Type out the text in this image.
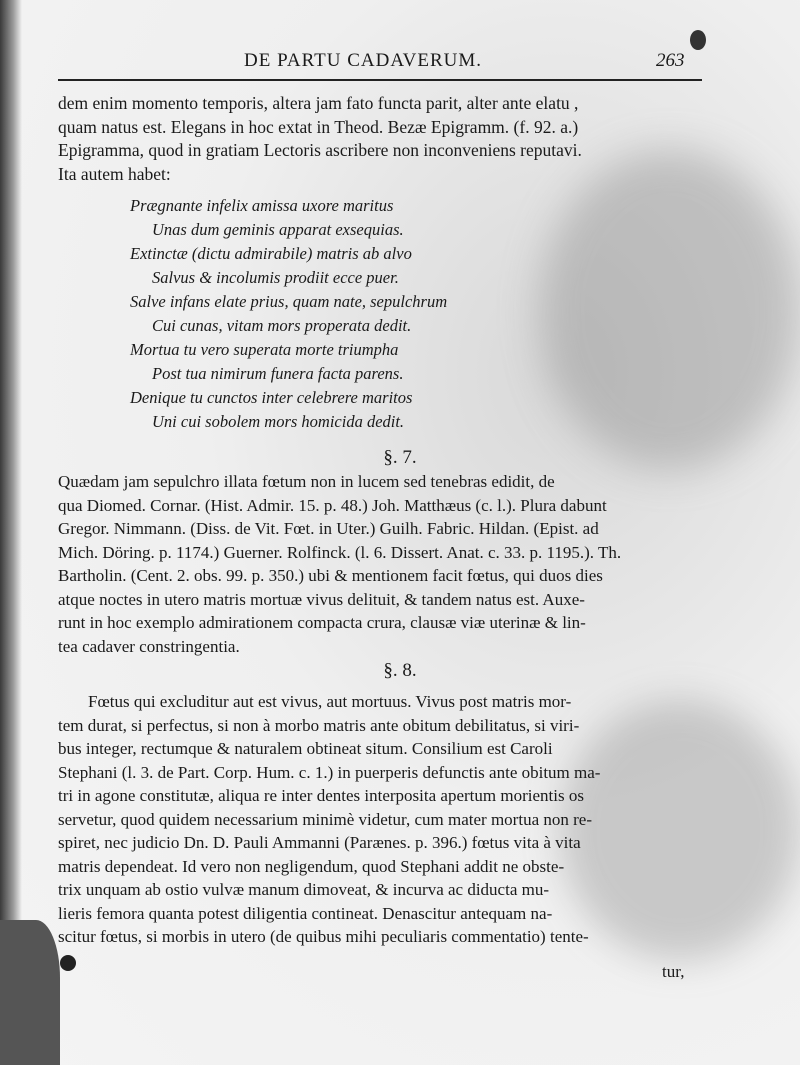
DE PARTU CADAVERUM.	263
dem enim momento temporis, altera jam fato functa parit, alter ante elatu ,
quam natus est. Elegans in hoc extat in Theod. Bezæ Epigramm. (f. 92. a.)
Epigramma, quod in gratiam Lectoris ascribere non inconveniens reputavi.
Ita autem habet:
Prægnante infelix amissa uxore maritus
Unas dum geminis apparat exsequias.
Extinctæ (dictu admirabile) matris ab alvo
Salvus & incolumis prodiit ecce puer.
Salve infans elate prius, quam nate, sepulchrum
Cui cunas, vitam mors properata dedit.
Mortua tu vero superata morte triumpha
Post tua nimirum funera facta parens.
Denique tu cunctos inter celebrere maritos
Uni cui sobolem mors homicida dedit.
§. 7.
Quædam jam sepulchro illata fœtum non in lucem sed tenebras edidit, de
qua Diomed. Cornar. (Hist. Admir. 15. p. 48.) Joh. Matthæus (c. l.). Plura dabunt
Gregor. Nimmann. (Diss. de Vit. Fœt. in Uter.) Guilh. Fabric. Hildan. (Epist. ad
Mich. Döring. p. 1174.) Guerner. Rolfinck. (l. 6. Dissert. Anat. c. 33. p. 1195.). Th.
Bartholin. (Cent. 2. obs. 99. p. 350.) ubi & mentionem facit fœtus, qui duos dies
atque noctes in utero matris mortuæ vivus delituit, & tandem natus est. Auxe-
runt in hoc exemplo admirationem compacta crura, clausæ viæ uterinæ & lin-
tea cadaver constringentia.
§. 8.
Fœtus qui excluditur aut est vivus, aut mortuus. Vivus post matris mor-
tem durat, si perfectus, si non à morbo matris ante obitum debilitatus, si viri-
bus integer, rectumque & naturalem obtineat situm. Consilium est Caroli
Stephani (l. 3. de Part. Corp. Hum. c. 1.) in puerperis defunctis ante obitum ma-
tri in agone constitutæ, aliqua re inter dentes interposita apertum morientis os
servetur, quod quidem necessarium minimè videtur, cum mater mortua non re-
spiret, nec judicio Dn. D. Pauli Ammanni (Parænes. p. 396.) fœtus vita à vita
matris dependeat. Id vero non negligendum, quod Stephani addit ne obste-
trix unquam ab ostio vulvæ manum dimoveat, & incurva ac diducta mu-
lieris femora quanta potest diligentia contineat. Denascitur antequam na-
scitur fœtus, si morbis in utero (de quibus mihi peculiaris commentatio) tente-
tur,
